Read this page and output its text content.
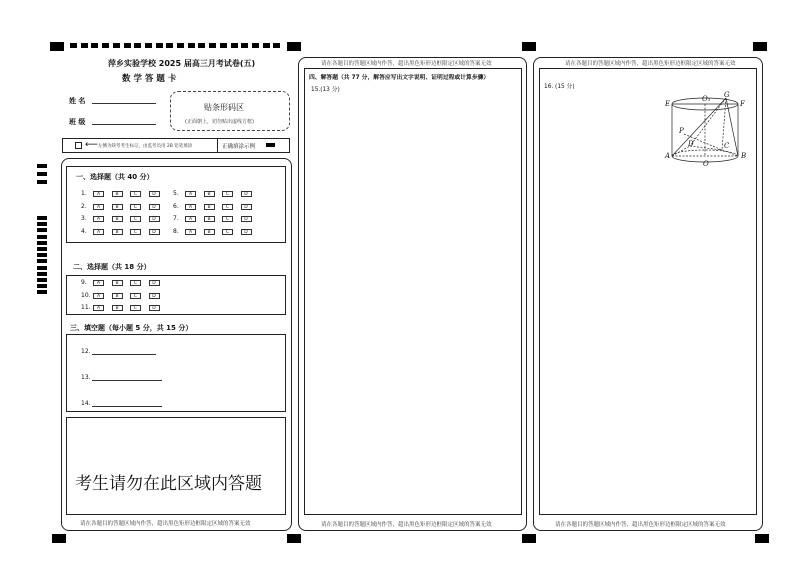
萍乡实验学校 2025 届高三月考试卷(五)
数 学 答 题 卡
姓 名
班 级
贴条形码区
(正面朝上，切勿贴出虚线方框)
⟵ 左侧为缺考考生标记，由监考员用 2B 铅笔填涂	正确填涂示例
一、选择题（共 40 分）
1.	A	B	C	D
2.	A	B	C	D
3.	A	B	C	D
4.	A	B	C	D
5.	A	B	C	D
6.	A	B	C	D
7.	A	B	C	D
8.	A	B	C	D
二、选择题（共 18 分）
9.	A	B	C	D
10.	A	B	C	D
11.	A	B	C	D
三、填空题（每小题 5 分，共 15 分）
12.
13.
14.
考生请勿在此区域内答题
请在各题目的答题区域内作答，超出黑色矩形边框限定区域的答案无效
请在各题目的答题区域内作答，超出黑色矩形边框限定区域的答案无效
四、解答题（共 77 分，解答应写出文字说明、证明过程或计算步骤）
15.(13 分)
请在各题目的答题区域内作答，超出黑色矩形边框限定区域的答案无效
请在各题目的答题区域内作答，超出黑色矩形边框限定区域的答案无效
16. (15 分)
请在各题目的答题区域内作答，超出黑色矩形边框限定区域的答案无效
E
O₁ G
F
P
D	C
A	B
O
